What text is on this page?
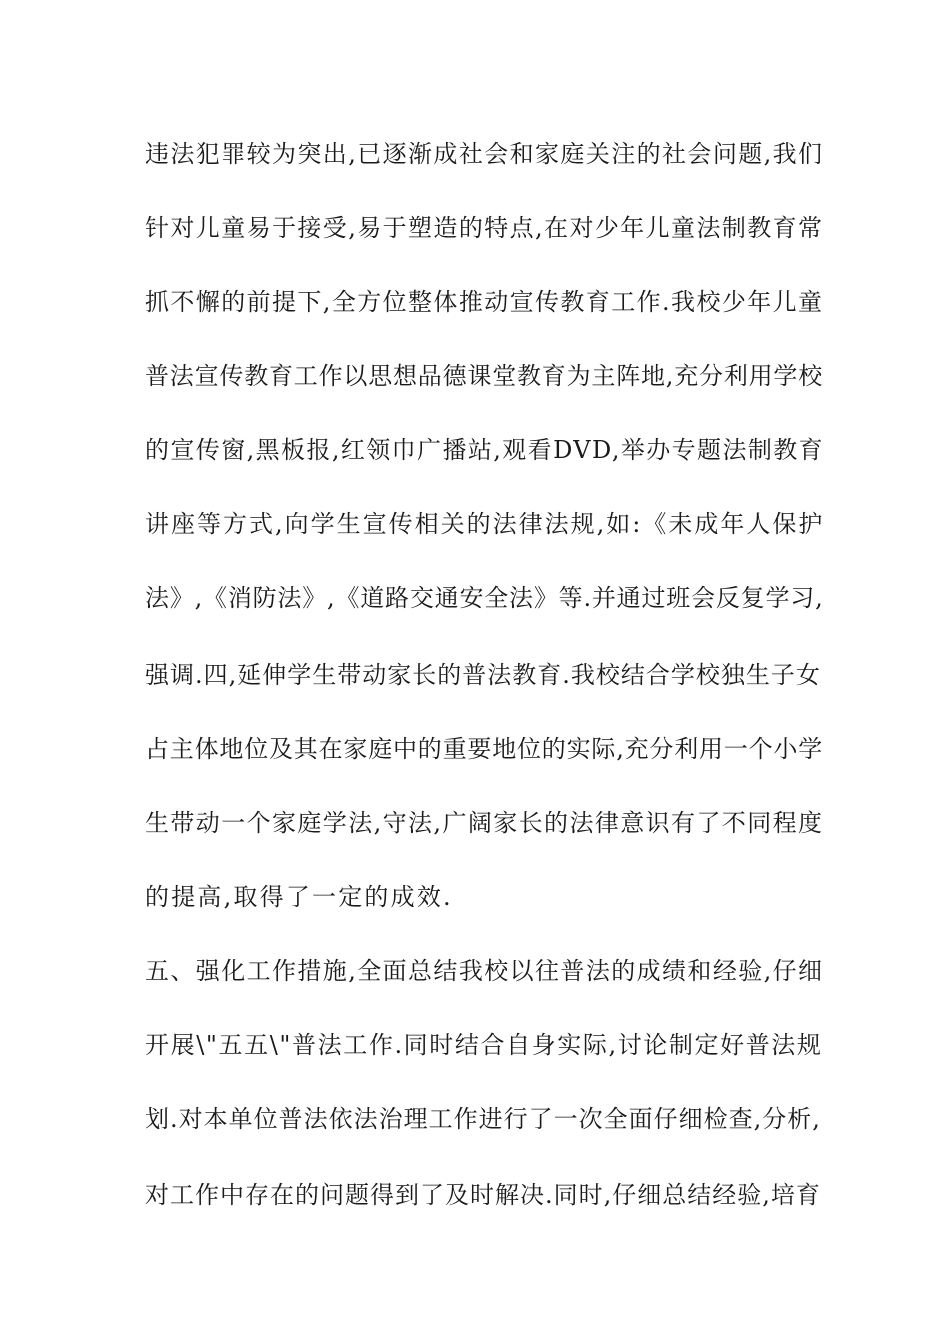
违法犯罪较为突出,已逐渐成社会和家庭关注的社会问题,我们
针对儿童易于接受,易于塑造的特点,在对少年儿童法制教育常
抓不懈的前提下,全方位整体推动宣传教育工作.我校少年儿童
普法宣传教育工作以思想品德课堂教育为主阵地,充分利用学校
的宣传窗,黑板报,红领巾广播站,观看DVD,举办专题法制教育
讲座等方式,向学生宣传相关的法律法规,如:《未成年人保护
法》,《消防法》,《道路交通安全法》等.并通过班会反复学习,
强调.四,延伸学生带动家长的普法教育.我校结合学校独生子女
占主体地位及其在家庭中的重要地位的实际,充分利用一个小学
生带动一个家庭学法,守法,广阔家长的法律意识有了不同程度
的提高,取得了一定的成效.
五、强化工作措施,全面总结我校以往普法的成绩和经验,仔细
开展\"五五\"普法工作.同时结合自身实际,讨论制定好普法规
划.对本单位普法依法治理工作进行了一次全面仔细检查,分析,
对工作中存在的问题得到了及时解决.同时,仔细总结经验,培育
